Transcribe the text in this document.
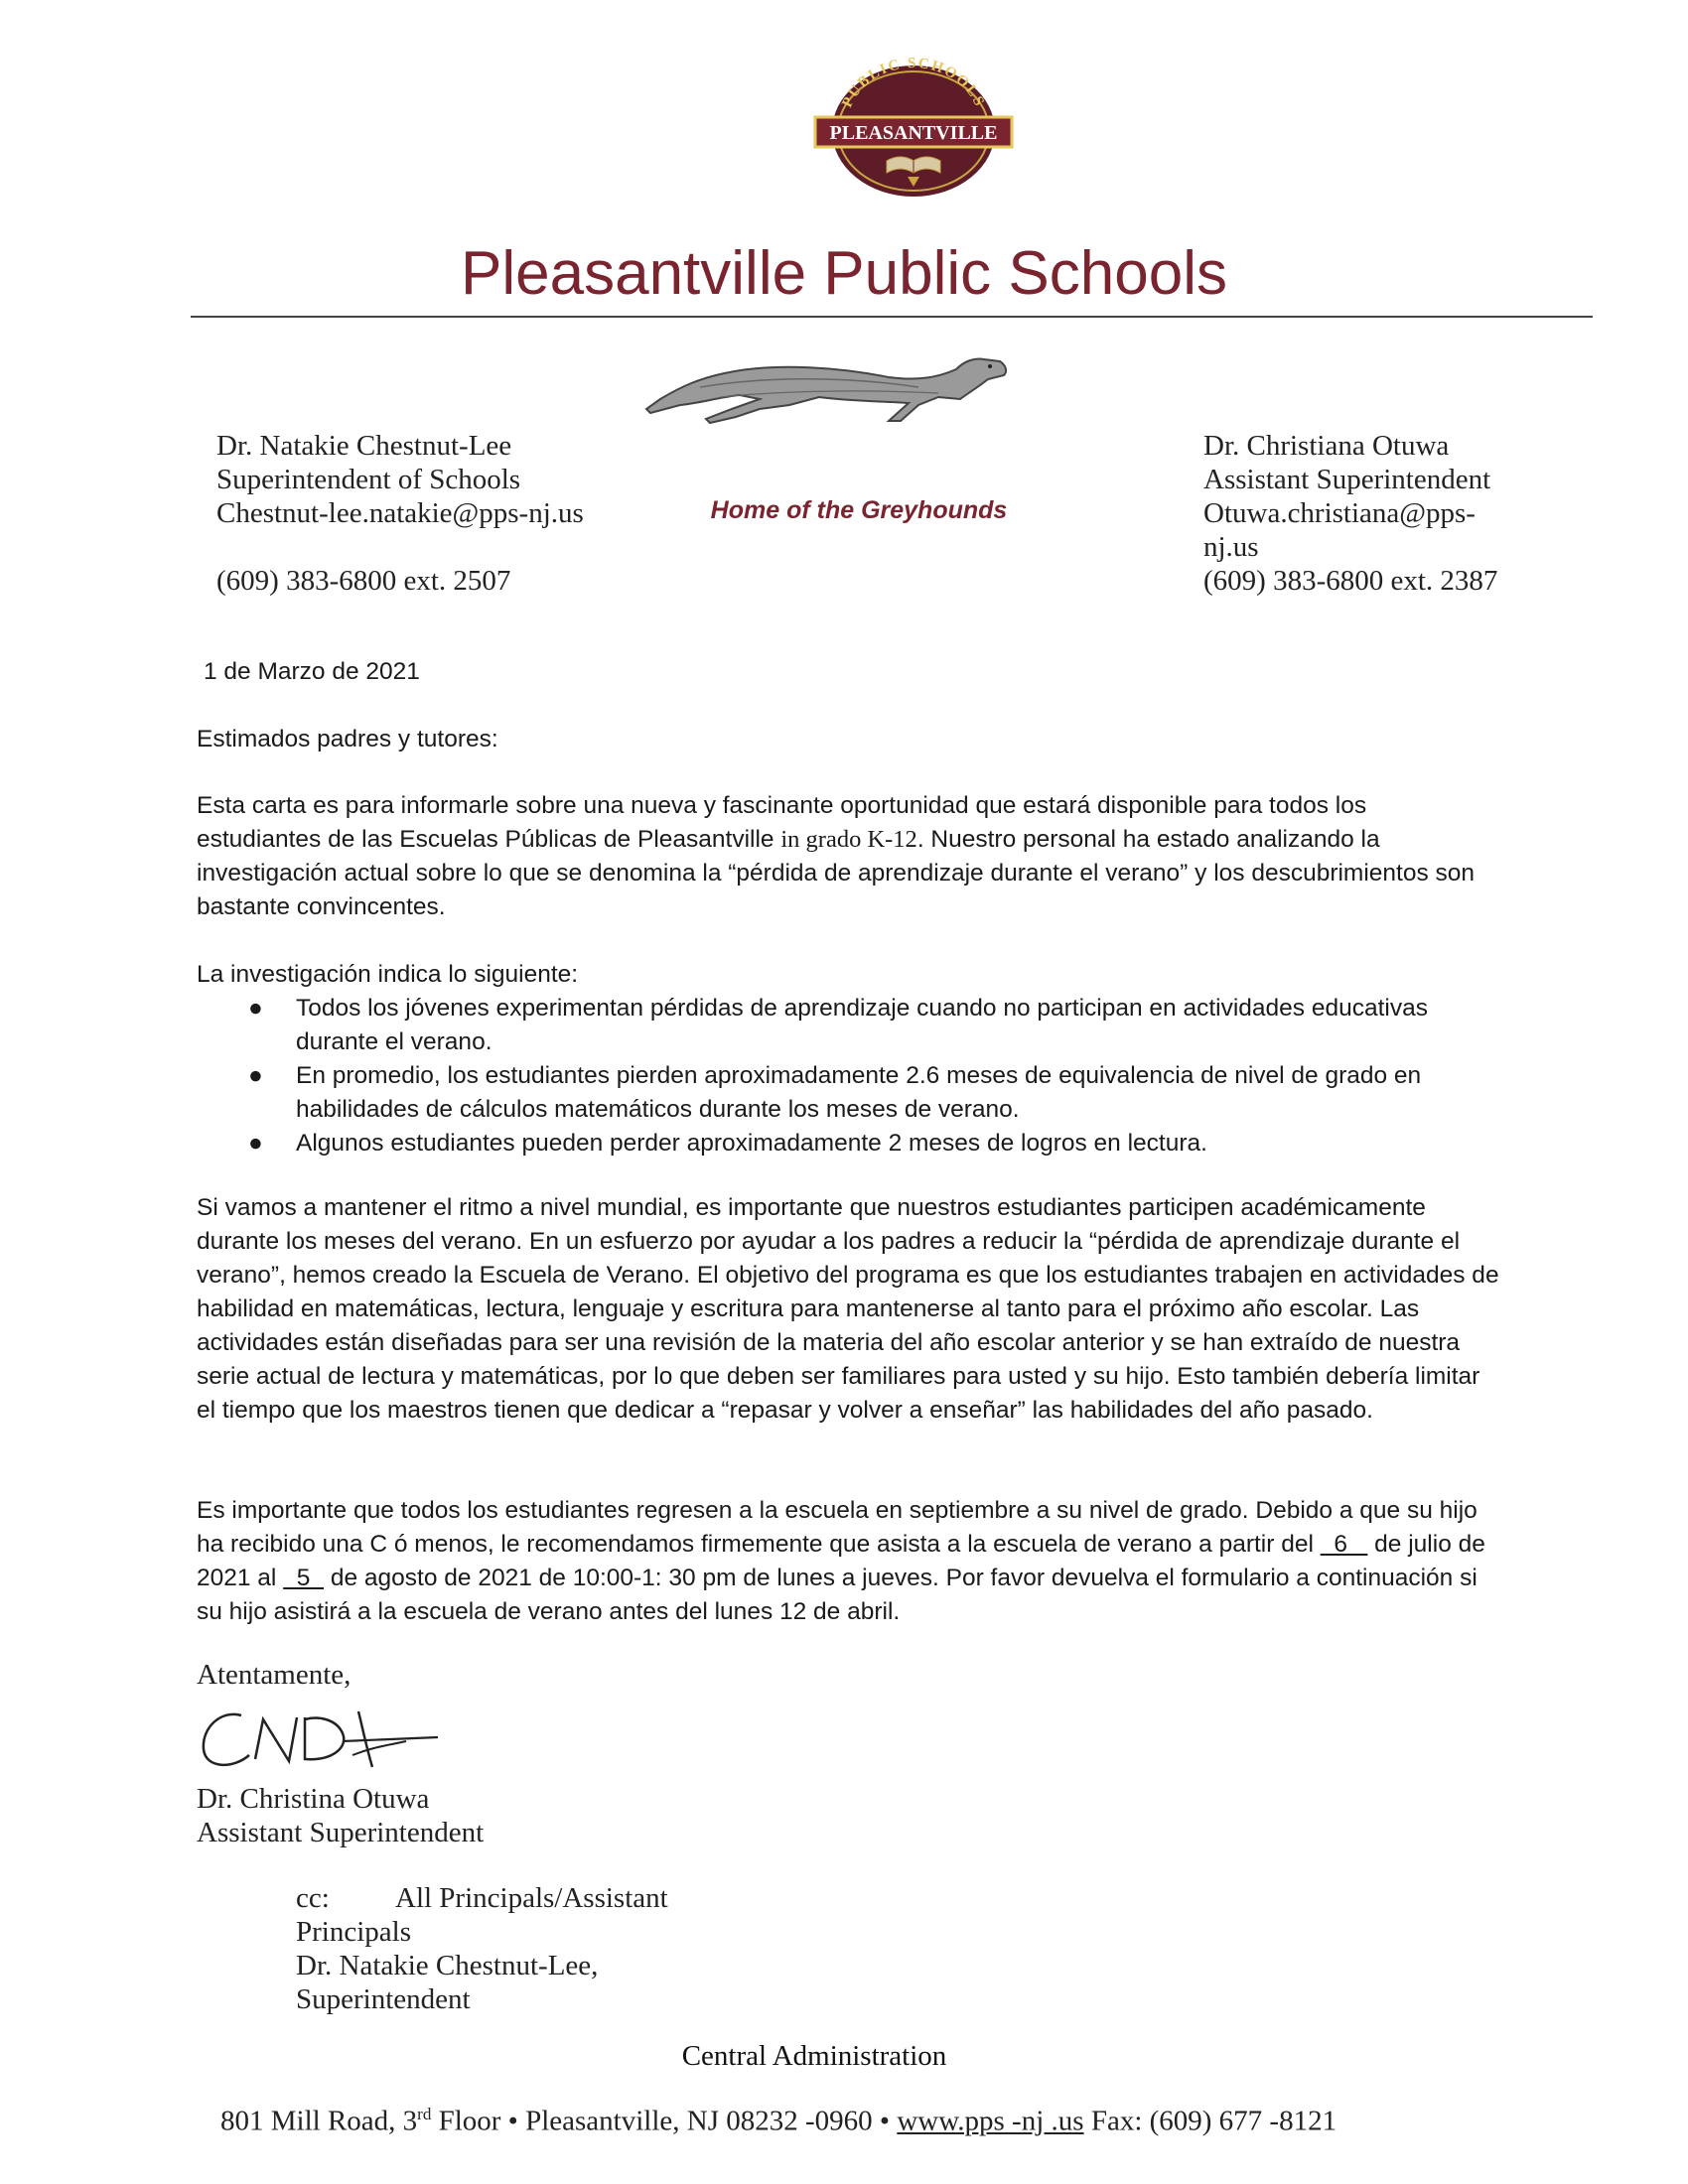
PUBLIC SCHOOLS
PLEASANTVILLE
Pleasantville Public Schools
Dr. Natakie Chestnut-Lee
Superintendent of Schools
Chestnut-lee.natakie@pps-nj.us
(609) 383-6800 ext. 2507
Home of the Greyhounds
Dr. Christiana Otuwa
Assistant Superintendent
Otuwa.christiana@pps-
nj.us
(609) 383-6800 ext. 2387
1 de Marzo de 2021
Estimados padres y tutores:
Esta carta es para informarle sobre una nueva y fascinante oportunidad que estará disponible para todos los estudiantes de las Escuelas Públicas de Pleasantville in grado K-12. Nuestro personal ha estado analizando la investigación actual sobre lo que se denomina la “pérdida de aprendizaje durante el verano” y los descubrimientos son bastante convincentes.
La investigación indica lo siguiente:
● Todos los jóvenes experimentan pérdidas de aprendizaje cuando no participan en actividades educativas durante el verano.
● En promedio, los estudiantes pierden aproximadamente 2.6 meses de equivalencia de nivel de grado en habilidades de cálculos matemáticos durante los meses de verano.
● Algunos estudiantes pueden perder aproximadamente 2 meses de logros en lectura.
Si vamos a mantener el ritmo a nivel mundial, es importante que nuestros estudiantes participen académicamente durante los meses del verano. En un esfuerzo por ayudar a los padres a reducir la “pérdida de aprendizaje durante el verano”, hemos creado la Escuela de Verano. El objetivo del programa es que los estudiantes trabajen en actividades de habilidad en matemáticas, lectura, lenguaje y escritura para mantenerse al tanto para el próximo año escolar. Las actividades están diseñadas para ser una revisión de la materia del año escolar anterior y se han extraído de nuestra serie actual de lectura y matemáticas, por lo que deben ser familiares para usted y su hijo. Esto también debería limitar el tiempo que los maestros tienen que dedicar a “repasar y volver a enseñar” las habilidades del año pasado.
Es importante que todos los estudiantes regresen a la escuela en septiembre a su nivel de grado. Debido a que su hijo ha recibido una C ó menos, le recomendamos firmemente que asista a la escuela de verano a partir del   6    de julio de 2021 al   5   de agosto de 2021 de 10:00-1: 30 pm de lunes a jueves. Por favor devuelva el formulario a continuación si su hijo asistirá a la escuela de verano antes del lunes 12 de abril.
Atentamente,
Dr. Christina Otuwa
Assistant Superintendent
cc: All Principals/Assistant
Principals
Dr. Natakie Chestnut-Lee,
Superintendent
Central Administration
801 Mill Road, 3rd Floor • Pleasantville, NJ 08232 -0960 • www.pps -nj .us Fax: (609) 677 -8121
